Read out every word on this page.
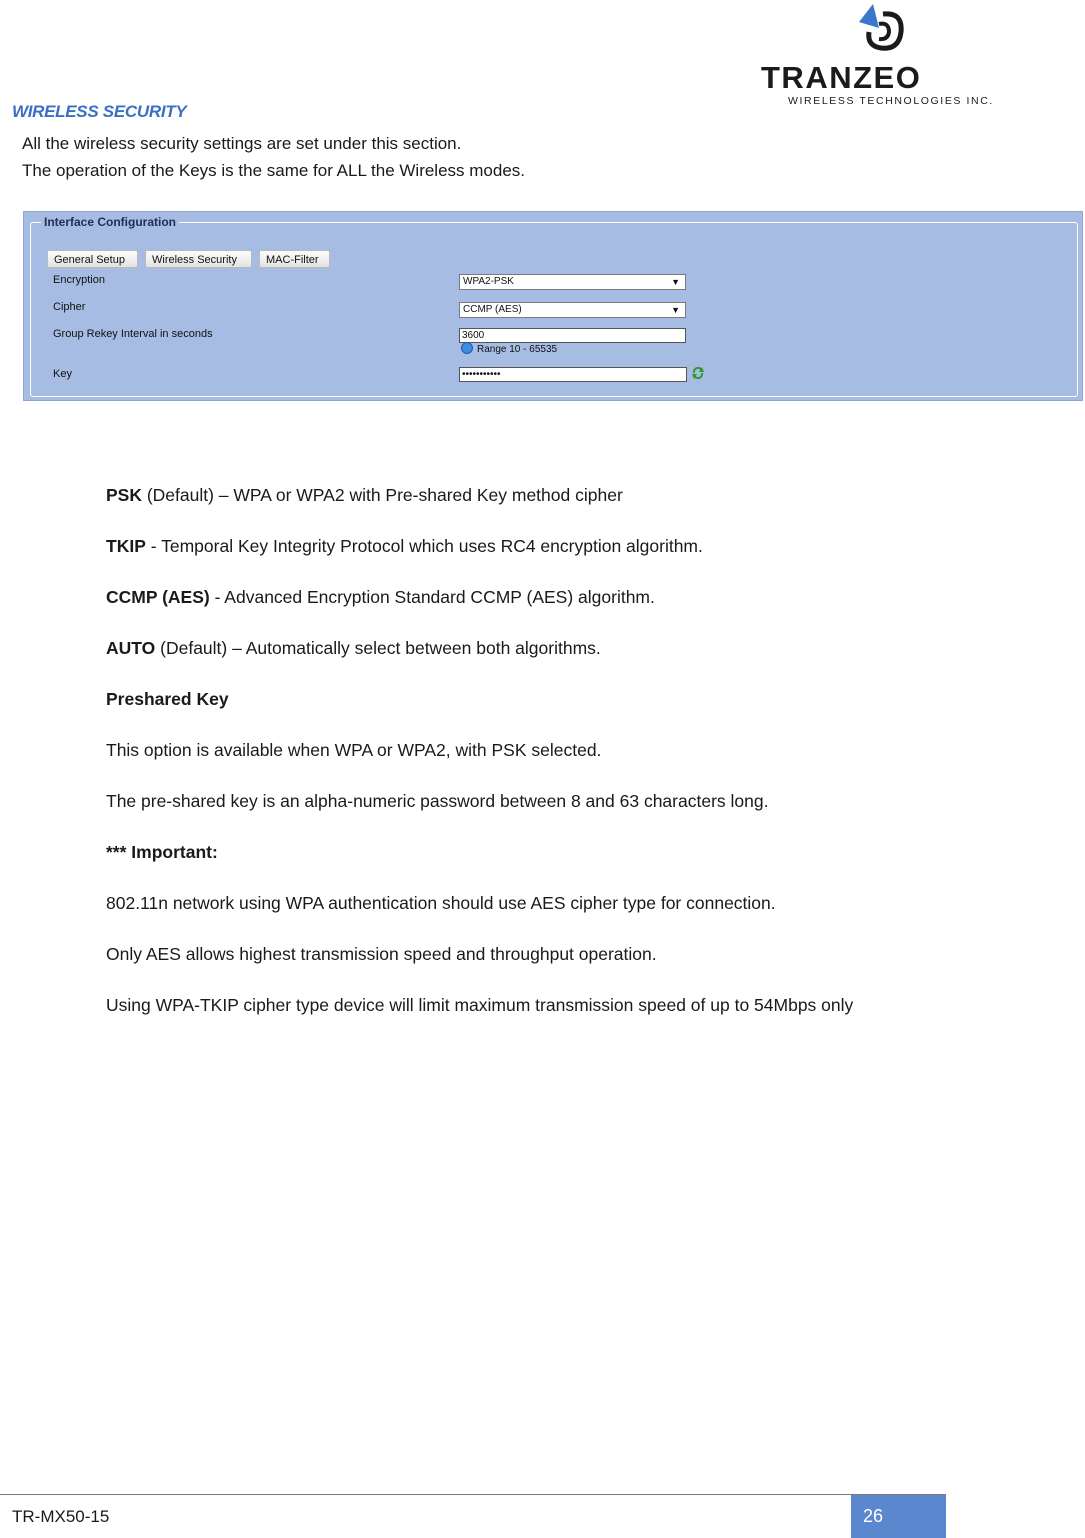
TRANZEO
WIRELESS TECHNOLOGIES INC.
WIRELESS SECURITY
All the wireless security settings are set under this section.
The operation of the Keys is the same for ALL the Wireless modes.
Interface Configuration
General Setup	Wireless Security	MAC-Filter
Encryption	WPA2-PSK	▼
Cipher	CCMP (AES)	▼
Group Rekey Interval in seconds	3600
Range 10 - 65535
Key	•••••••••••
PSK (Default) – WPA or WPA2 with Pre-shared Key method cipher
TKIP - Temporal Key Integrity Protocol which uses RC4 encryption algorithm.
CCMP (AES) - Advanced Encryption Standard CCMP (AES) algorithm.
AUTO (Default) – Automatically select between both algorithms.
Preshared Key
This option is available when WPA or WPA2, with PSK selected.
The pre-shared key is an alpha-numeric password between 8 and 63 characters long.
*** Important:
802.11n network using WPA authentication should use AES cipher type for connection.
Only AES allows highest transmission speed and throughput operation.
Using WPA-TKIP cipher type device will limit maximum transmission speed of up to 54Mbps only
TR-MX50-15	26
